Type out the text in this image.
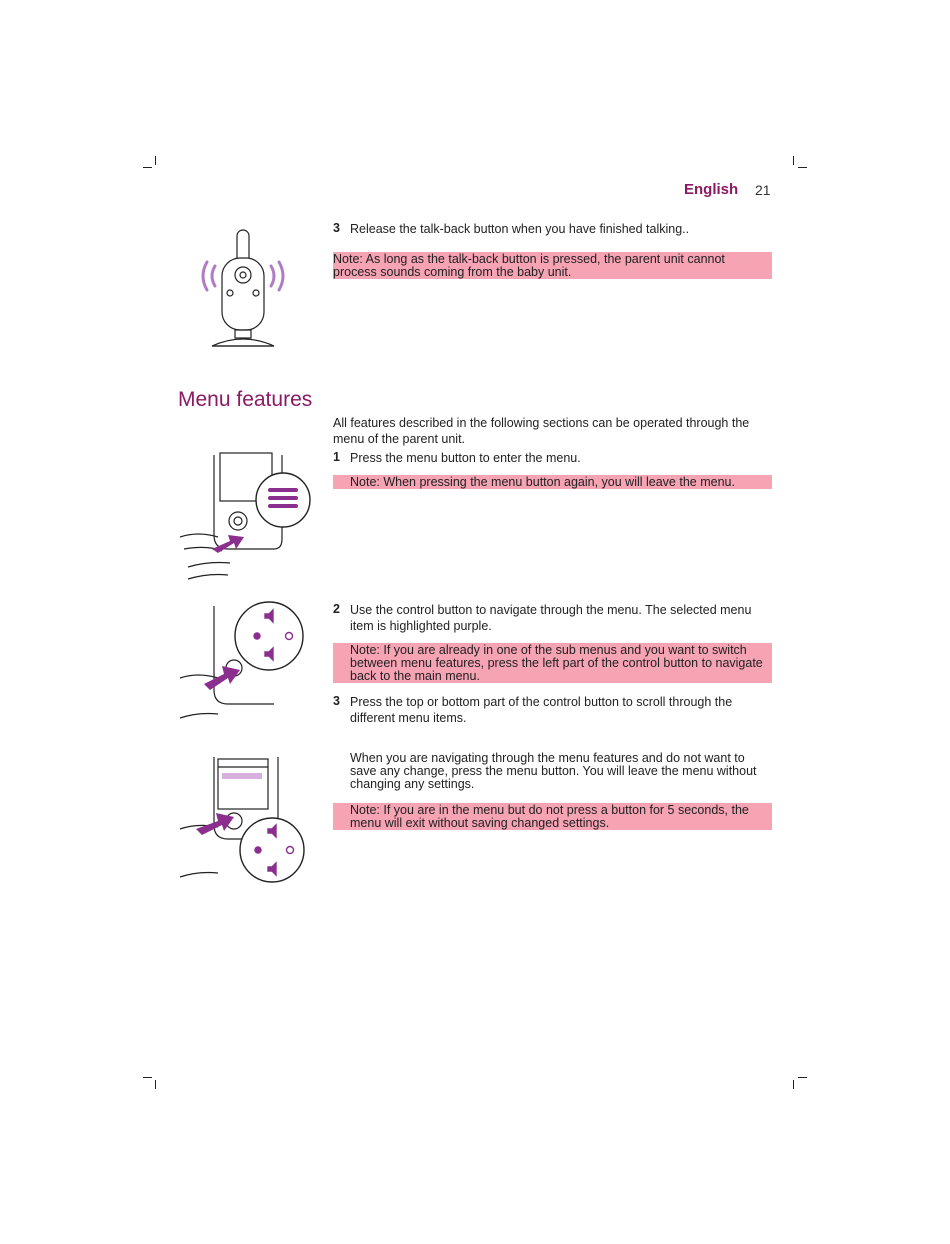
English 21
3 Release the talk-back button when you have finished talking..
Note: As long as the talk-back button is pressed, the parent unit cannot process sounds coming from the baby unit.
Menu features
All features described in the following sections can be operated through the menu of the parent unit.
1 Press the menu button to enter the menu.
Note: When pressing the menu button again, you will leave the menu.
2 Use the control button to navigate through the menu. The selected menu item is highlighted purple.
Note: If you are already in one of the sub menus and you want to switch between menu features, press the left part of the control button to navigate back to the main menu.
3 Press the top or bottom part of the control button to scroll through the different menu items.
When you are navigating through the menu features and do not want to save any change, press the menu button. You will leave the menu without changing any settings.
Note: If you are in the menu but do not press a button for 5 seconds, the menu will exit without saving changed settings.
